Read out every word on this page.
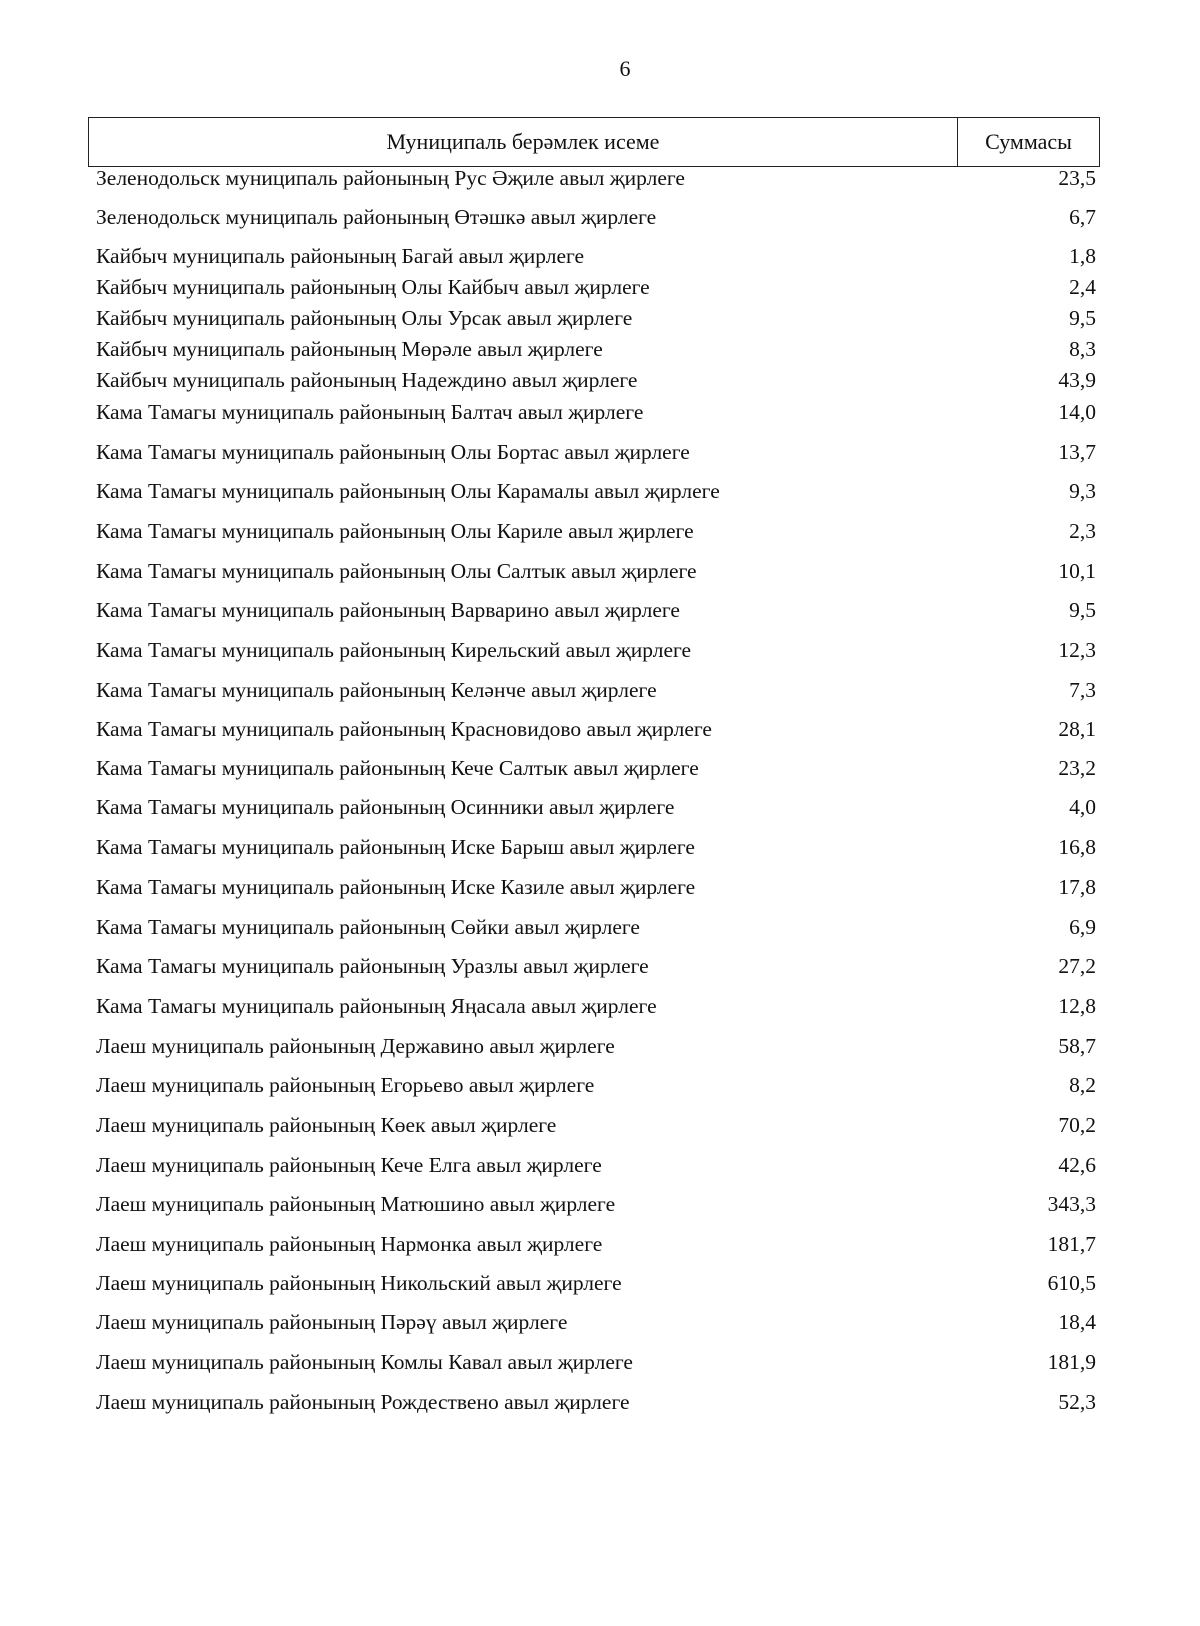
6
Муниципаль берәмлек исеме	Суммасы
Зеленодольск муниципаль районының Рус Әҗиле авыл җирлеге	23,5
Зеленодольск муниципаль районының Өтәшкә авыл җирлеге	6,7
Кайбыч муниципаль районының Багай авыл җирлеге	1,8
Кайбыч муниципаль районының Олы Кайбыч авыл җирлеге	2,4
Кайбыч муниципаль районының Олы Урсак авыл җирлеге	9,5
Кайбыч муниципаль районының Мөрәле авыл җирлеге	8,3
Кайбыч муниципаль районының Надеждино авыл җирлеге	43,9
Кама Тамагы муниципаль районының Балтач авыл җирлеге	14,0
Кама Тамагы муниципаль районының Олы Бортас авыл җирлеге	13,7
Кама Тамагы муниципаль районының Олы Карамалы авыл җирлеге	9,3
Кама Тамагы муниципаль районының Олы Кариле авыл җирлеге	2,3
Кама Тамагы муниципаль районының Олы Салтык авыл җирлеге	10,1
Кама Тамагы муниципаль районының Варварино авыл җирлеге	9,5
Кама Тамагы муниципаль районының Кирельский авыл җирлеге	12,3
Кама Тамагы муниципаль районының Келәнче авыл җирлеге	7,3
Кама Тамагы муниципаль районының Красновидово авыл җирлеге	28,1
Кама Тамагы муниципаль районының Кече Салтык авыл җирлеге	23,2
Кама Тамагы муниципаль районының Осинники авыл җирлеге	4,0
Кама Тамагы муниципаль районының Иске Барыш авыл җирлеге	16,8
Кама Тамагы муниципаль районының Иске Казиле авыл җирлеге	17,8
Кама Тамагы муниципаль районының Сөйки авыл җирлеге	6,9
Кама Тамагы муниципаль районының Уразлы авыл җирлеге	27,2
Кама Тамагы муниципаль районының Яңасала авыл җирлеге	12,8
Лаеш муниципаль районының Державино авыл җирлеге	58,7
Лаеш муниципаль районының Егорьево авыл җирлеге	8,2
Лаеш муниципаль районының Көек авыл җирлеге	70,2
Лаеш муниципаль районының Кече Елга авыл җирлеге	42,6
Лаеш муниципаль районының Матюшино авыл җирлеге	343,3
Лаеш муниципаль районының Нармонка авыл җирлеге	181,7
Лаеш муниципаль районының Никольский авыл җирлеге	610,5
Лаеш муниципаль районының Пәрәү авыл җирлеге	18,4
Лаеш муниципаль районының Комлы Кавал авыл җирлеге	181,9
Лаеш муниципаль районының Рождествено авыл җирлеге	52,3
